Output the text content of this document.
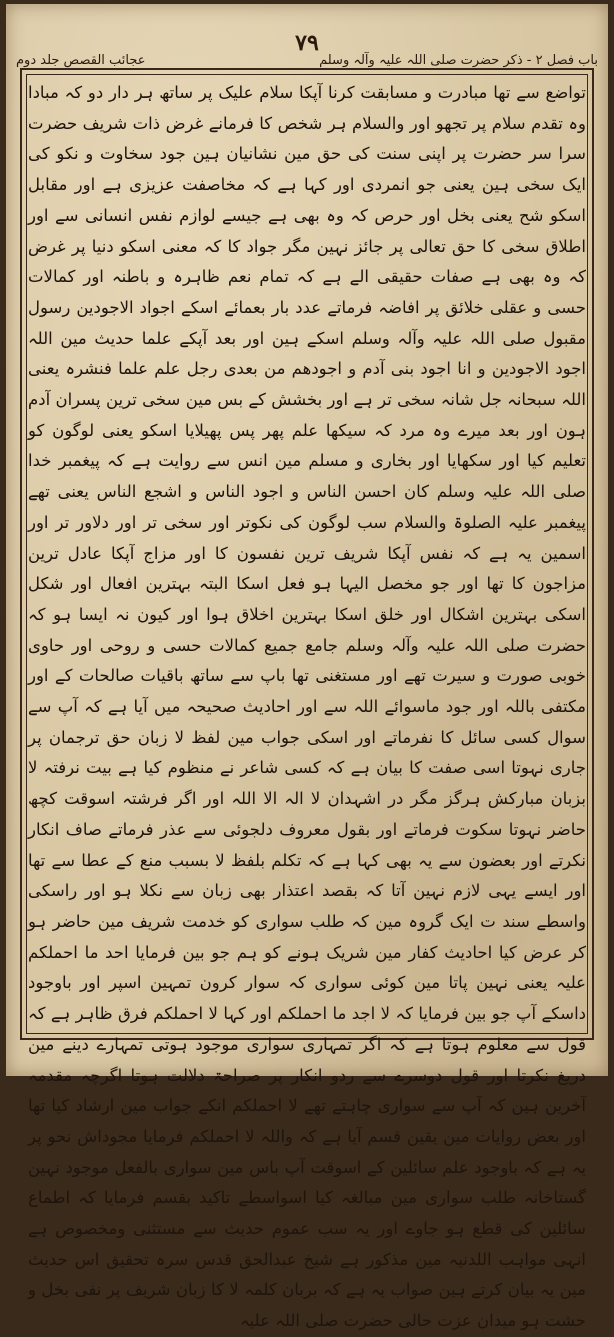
عجائب القصص جلد دوم
۷۹
باب فصل ۲ - ذکر حضرت صلی اللہ علیہ وآلہ وسلم

تواضع سے تھا مبادرت و مسابقت کرنا آپکا سلام علیک پر ساتھ ہر دار دو کہ مبادا وہ تقدم سلام پر تجھو اور والسلام ہر شخص کا فرمانے غرض ذات شریف حضرت سرا سر حضرت پر اپنی سنت کی حق مین نشانیان ہین جود سخاوت و نکو کی ایک سخی ہین یعنی جو انمردی اور کہا ہے کہ مخاصفت عزیزی ہے اور مقابل اسکو شح یعنی بخل اور حرص کہ وہ بھی ہے جیسے لوازم نفس انسانی سے اور اطلاق سخی کا حق تعالی پر جائز نہین مگر جواد کا کہ معنی اسکو دنیا پر غرض کہ وہ بھی ہے صفات حقیقی الے ہے کہ تمام نعم ظاہرہ و باطنہ اور کمالات حسی و عقلی خلائق پر افاضہ فرماتے عدد بار بعمائے اسکے اجواد الاجودین رسول مقبول صلی اللہ علیہ وآلہ وسلم اسکے ہین اور بعد آپکے علما حدیث مین اللہ اجود الاجودین و انا اجود بنی آدم و اجودهم من بعدی رجل علم علما فنشرہ یعنی اللہ سبحانہ جل شانہ سخی تر ہے اور بخشش کے بس مین سخی ترین پسران آدم ہون اور بعد میرے وہ مرد کہ سیکھا علم پھر پس پھیلایا اسکو یعنی لوگون کو تعلیم کیا اور سکھایا اور بخاری و مسلم مین انس سے روایت ہے کہ پیغمبر خدا صلی اللہ علیہ وسلم کان احسن الناس و اجود الناس و اشجع الناس یعنی تھے پیغمبر علیہ الصلوۃ والسلام سب لوگون کی نکوتر اور سخی تر اور دلاور تر اور اسمین یہ ہے کہ نفس آپکا شریف ترین نفسون کا اور مزاج آپکا عادل ترین مزاجون کا تھا اور جو مخصل الیہا ہو فعل اسکا البتہ بہترین افعال اور شکل اسکی بہترین اشکال اور خلق اسکا بہترین اخلاق ہوا اور کیون نہ ایسا ہو کہ حضرت صلی اللہ علیہ وآلہ وسلم جامع جمیع کمالات حسی و روحی اور حاوی خوبی صورت و سیرت تھے اور مستغنی تھا باپ سے ساتھ باقیات صالحات کے اور مکتفی باللہ اور جود ماسوائے اللہ سے اور احادیث صحیحہ میں آیا ہے کہ آپ سے سوال کسی سائل کا نفرماتے اور اسکی جواب مین لفظ لا زبان حق ترجمان پر جاری نہوتا اسی صفت کا بیان ہے کہ کسی شاعر نے منظوم کیا ہے بیت نرفتہ لا بزبان مبارکش ہرگز مگر در اشہدان لا الہ الا اللہ اور اگر فرشتہ اسوقت کچھ حاضر نہوتا سکوت فرماتے اور بقول معروف دلجوئی سے عذر فرماتے صاف انکار نکرتے اور بعضون سے یہ بھی کہا ہے کہ تکلم بلفظ لا بسبب منع کے عطا سے تھا اور ایسے یہی لازم نہین آتا کہ بقصد اعتذار بھی زبان سے نکلا ہو اور راسکی واسطے سند ت ایک گروہ مین کہ طلب سواری کو خدمت شریف مین حاضر ہو کر عرض کیا احادیث کفار مین شریک ہونے کو ہم جو بین فرمایا احد ما احملکم علیہ یعنی نہین پاتا مین کوئی سواری کہ سوار کرون تمہین اسپر اور باوجود داسکے آپ جو بین فرمایا کہ لا اجد ما احملکم اور کہا لا احملکم فرق ظاہر ہے کہ قول سے معلوم ہوتا ہے کہ اگر تمہاری سواری موجود ہوتی تمہارے دینے مین دریغ نکرتا اور قول دوسرے سے ردو انکار پر صراحۃ دلالت ہوتا اگرچہ مقدمہ آخرین ہین کہ آپ سے سواری چاہتے تھے لا احملکم انکے جواب مین ارشاد کیا تھا اور بعض روایات مین یقین قسم آیا ہے کہ واللہ لا احملکم فرمایا مجوداش نحو پر یہ ہے کہ باوجود علم سائلین کے اسوقت آپ باس مین سواری بالفعل موجود نہین گستاخانہ طلب سواری مین مبالغہ کیا اسواسطے تاکید بقسم فرمایا کہ اطماع سائلین کی قطع ہو جاوے اور یہ سب عموم حدیث سے مستثنی ومخصوص ہے انہی مواہب اللدنیہ مین مذکور ہے شیخ عبدالحق قدس سرہ تحقیق اس حدیث مین یہ بیان کرتے ہین صواب یہ ہے کہ بربان کلمہ لا کا زبان شریف پر نفی بخل و حشت ہو میدان عزت حالی حضرت صلی اللہ علیہ
